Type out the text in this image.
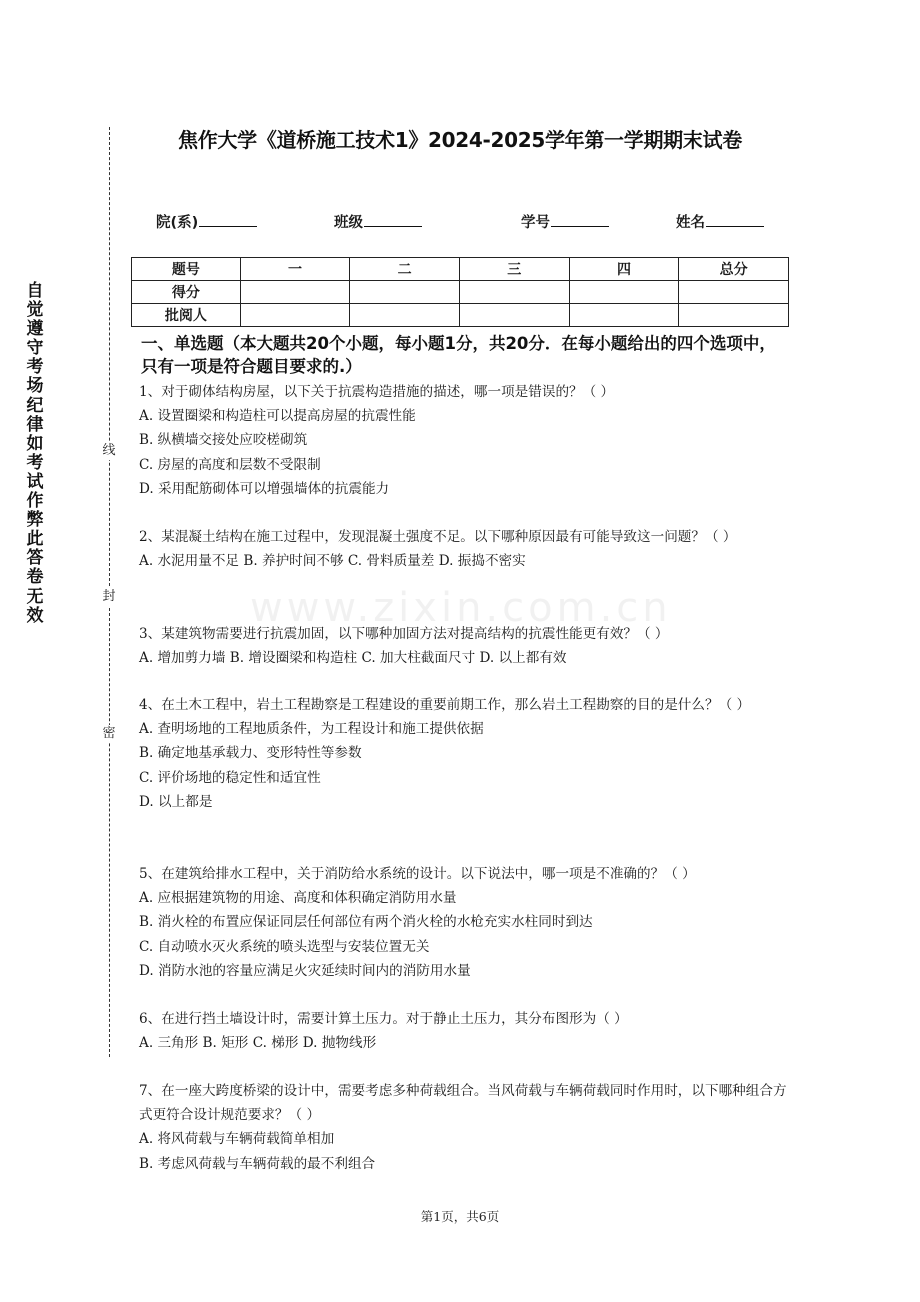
自
觉
遵
守
考
场
纪
律
如
考
试
作
弊
此
答
卷
无
效
线
封
密
www.zixin.com.cn
焦作大学《道桥施工技术1》2024-2025学年第一学期期末试卷
院(系)	班级	学号	姓名
题号	一	二	三	四	总分
得分					
批阅人					
一、单选题（本大题共20个小题，每小题1分，共20分．在每小题给出的四个选项中，只有一项是符合题目要求的.）
1、对于砌体结构房屋，以下关于抗震构造措施的描述，哪一项是错误的？（ ）
A. 设置圈梁和构造柱可以提高房屋的抗震性能
B. 纵横墙交接处应咬槎砌筑
C. 房屋的高度和层数不受限制
D. 采用配筋砌体可以增强墙体的抗震能力
2、某混凝土结构在施工过程中，发现混凝土强度不足。以下哪种原因最有可能导致这一问题？（ ）
A. 水泥用量不足 B. 养护时间不够 C. 骨料质量差 D. 振捣不密实
3、某建筑物需要进行抗震加固，以下哪种加固方法对提高结构的抗震性能更有效？（ ）
A. 增加剪力墙 B. 增设圈梁和构造柱 C. 加大柱截面尺寸 D. 以上都有效
4、在土木工程中，岩土工程勘察是工程建设的重要前期工作，那么岩土工程勘察的目的是什么？（ ）
A. 查明场地的工程地质条件，为工程设计和施工提供依据
B. 确定地基承载力、变形特性等参数
C. 评价场地的稳定性和适宜性
D. 以上都是
5、在建筑给排水工程中，关于消防给水系统的设计。以下说法中，哪一项是不准确的？（ ）
A. 应根据建筑物的用途、高度和体积确定消防用水量
B. 消火栓的布置应保证同层任何部位有两个消火栓的水枪充实水柱同时到达
C. 自动喷水灭火系统的喷头选型与安装位置无关
D. 消防水池的容量应满足火灾延续时间内的消防用水量
6、在进行挡土墙设计时，需要计算土压力。对于静止土压力，其分布图形为（ ）
A. 三角形 B. 矩形 C. 梯形 D. 抛物线形
7、在一座大跨度桥梁的设计中，需要考虑多种荷载组合。当风荷载与车辆荷载同时作用时，以下哪种组合方式更符合设计规范要求？（ ）
A. 将风荷载与车辆荷载简单相加
B. 考虑风荷载与车辆荷载的最不利组合
第1页，共6页
